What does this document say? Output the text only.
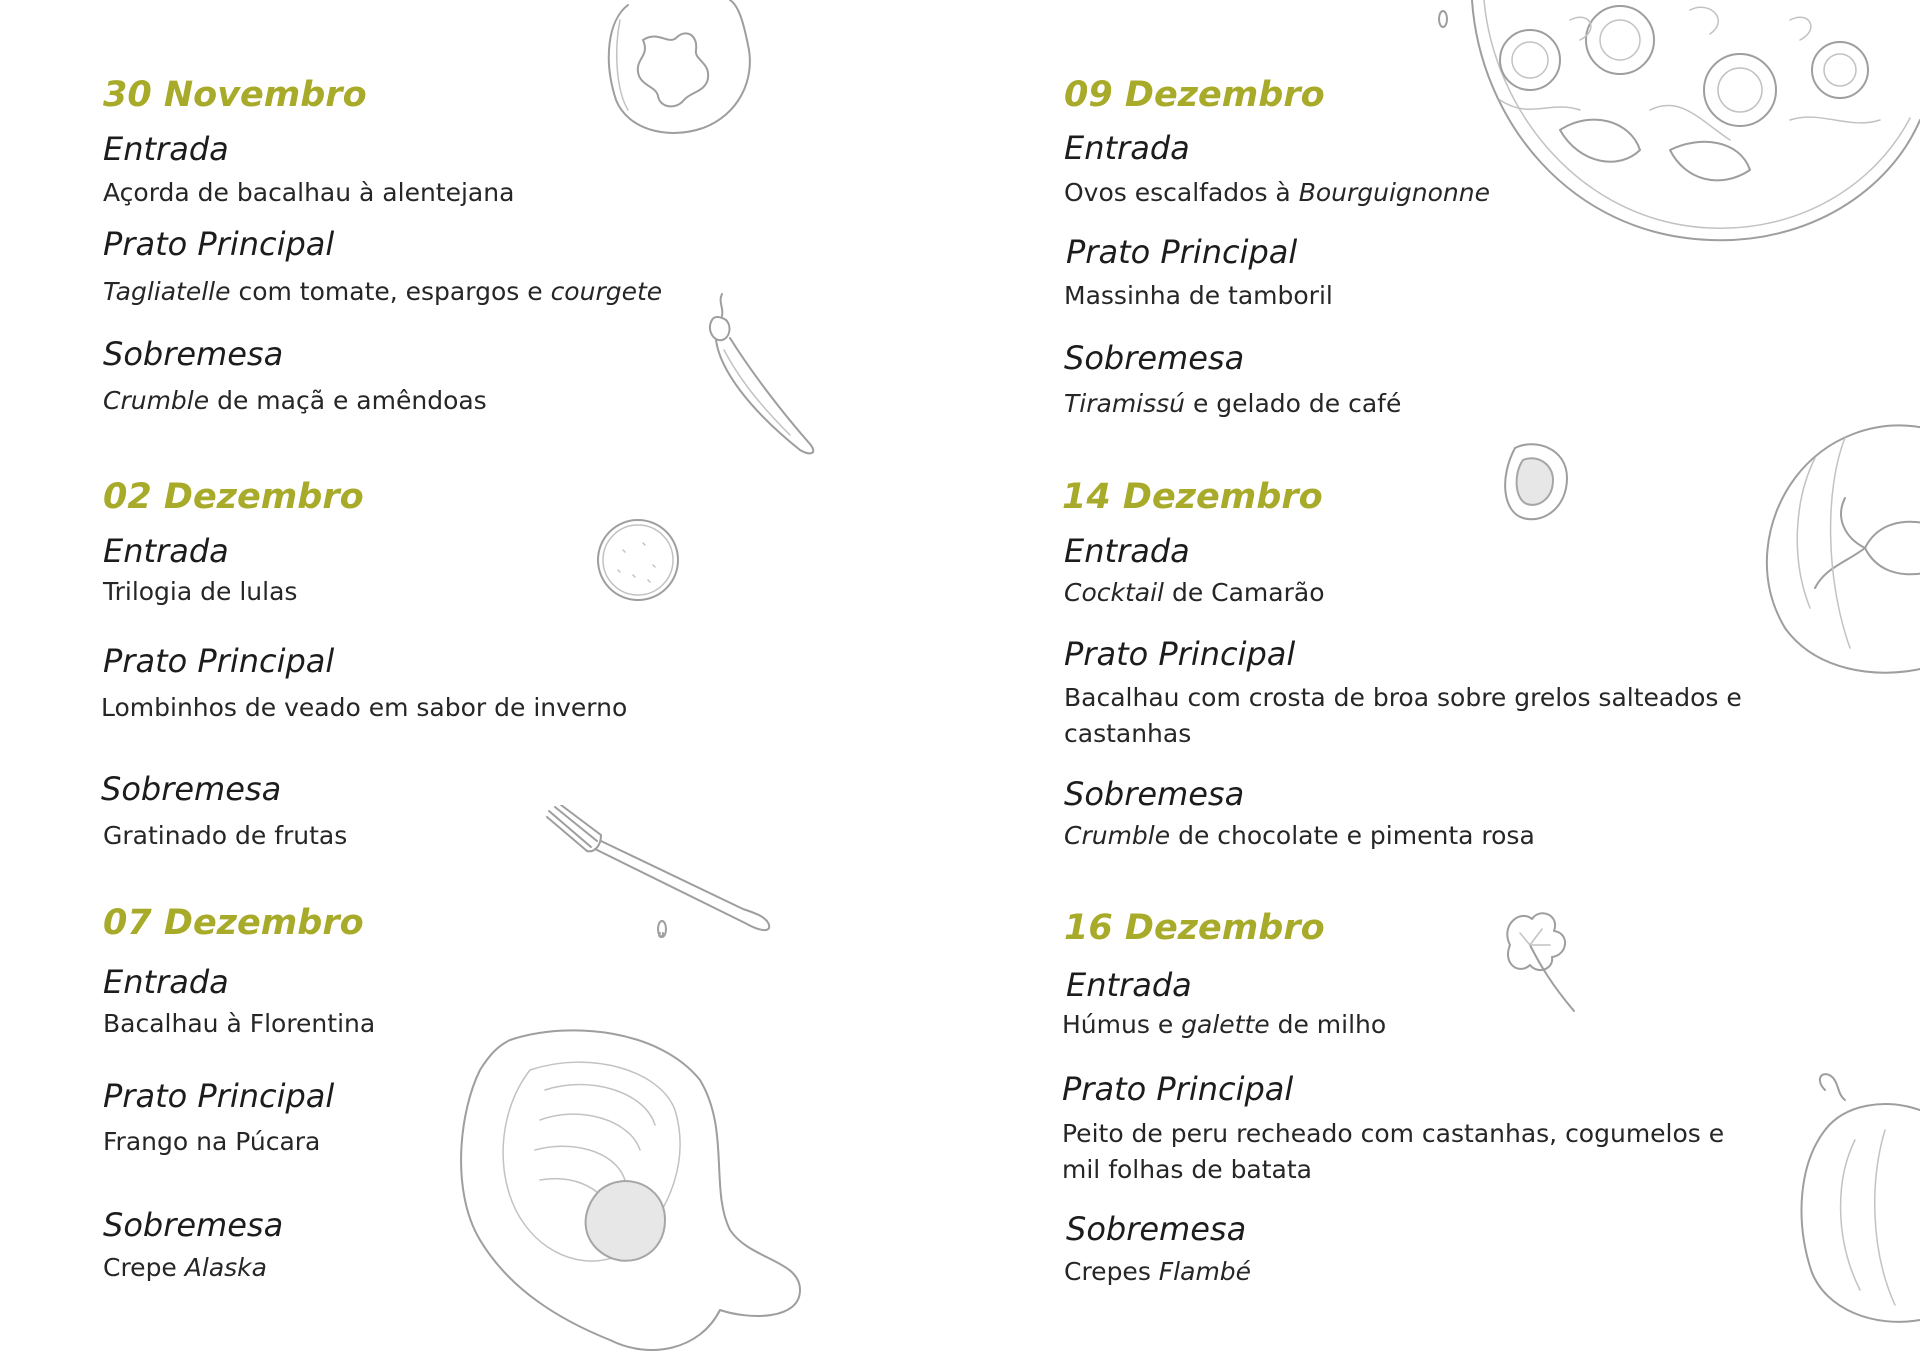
30 Novembro
Entrada

Açorda de bacalhau à alentejana

Prato Principal

Tagliatelle com tomate, espargos e courgete

Sobremesa

Crumble de maçã e amêndoas

02 Dezembro
Entrada

Trilogia de lulas

Prato Principal

Lombinhos de veado em sabor de inverno

Sobremesa

Gratinado de frutas

07 Dezembro
Entrada

Bacalhau à Florentina

Prato Principal

Frango na Púcara

Sobremesa

Crepe Alaska

09 Dezembro
Entrada

Ovos escalfados à Bourguignonne

Prato Principal

Massinha de tamboril

Sobremesa

Tiramissú e gelado de café

14 Dezembro
Entrada

Cocktail de Camarão

Prato Principal

Bacalhau com crosta de broa sobre grelos salteados e castanhas

Sobremesa

Crumble de chocolate e pimenta rosa

16 Dezembro
Entrada

Húmus e galette de milho

Prato Principal

Peito de peru recheado com castanhas, cogumelos e mil folhas de batata

Sobremesa

Crepes Flambé
